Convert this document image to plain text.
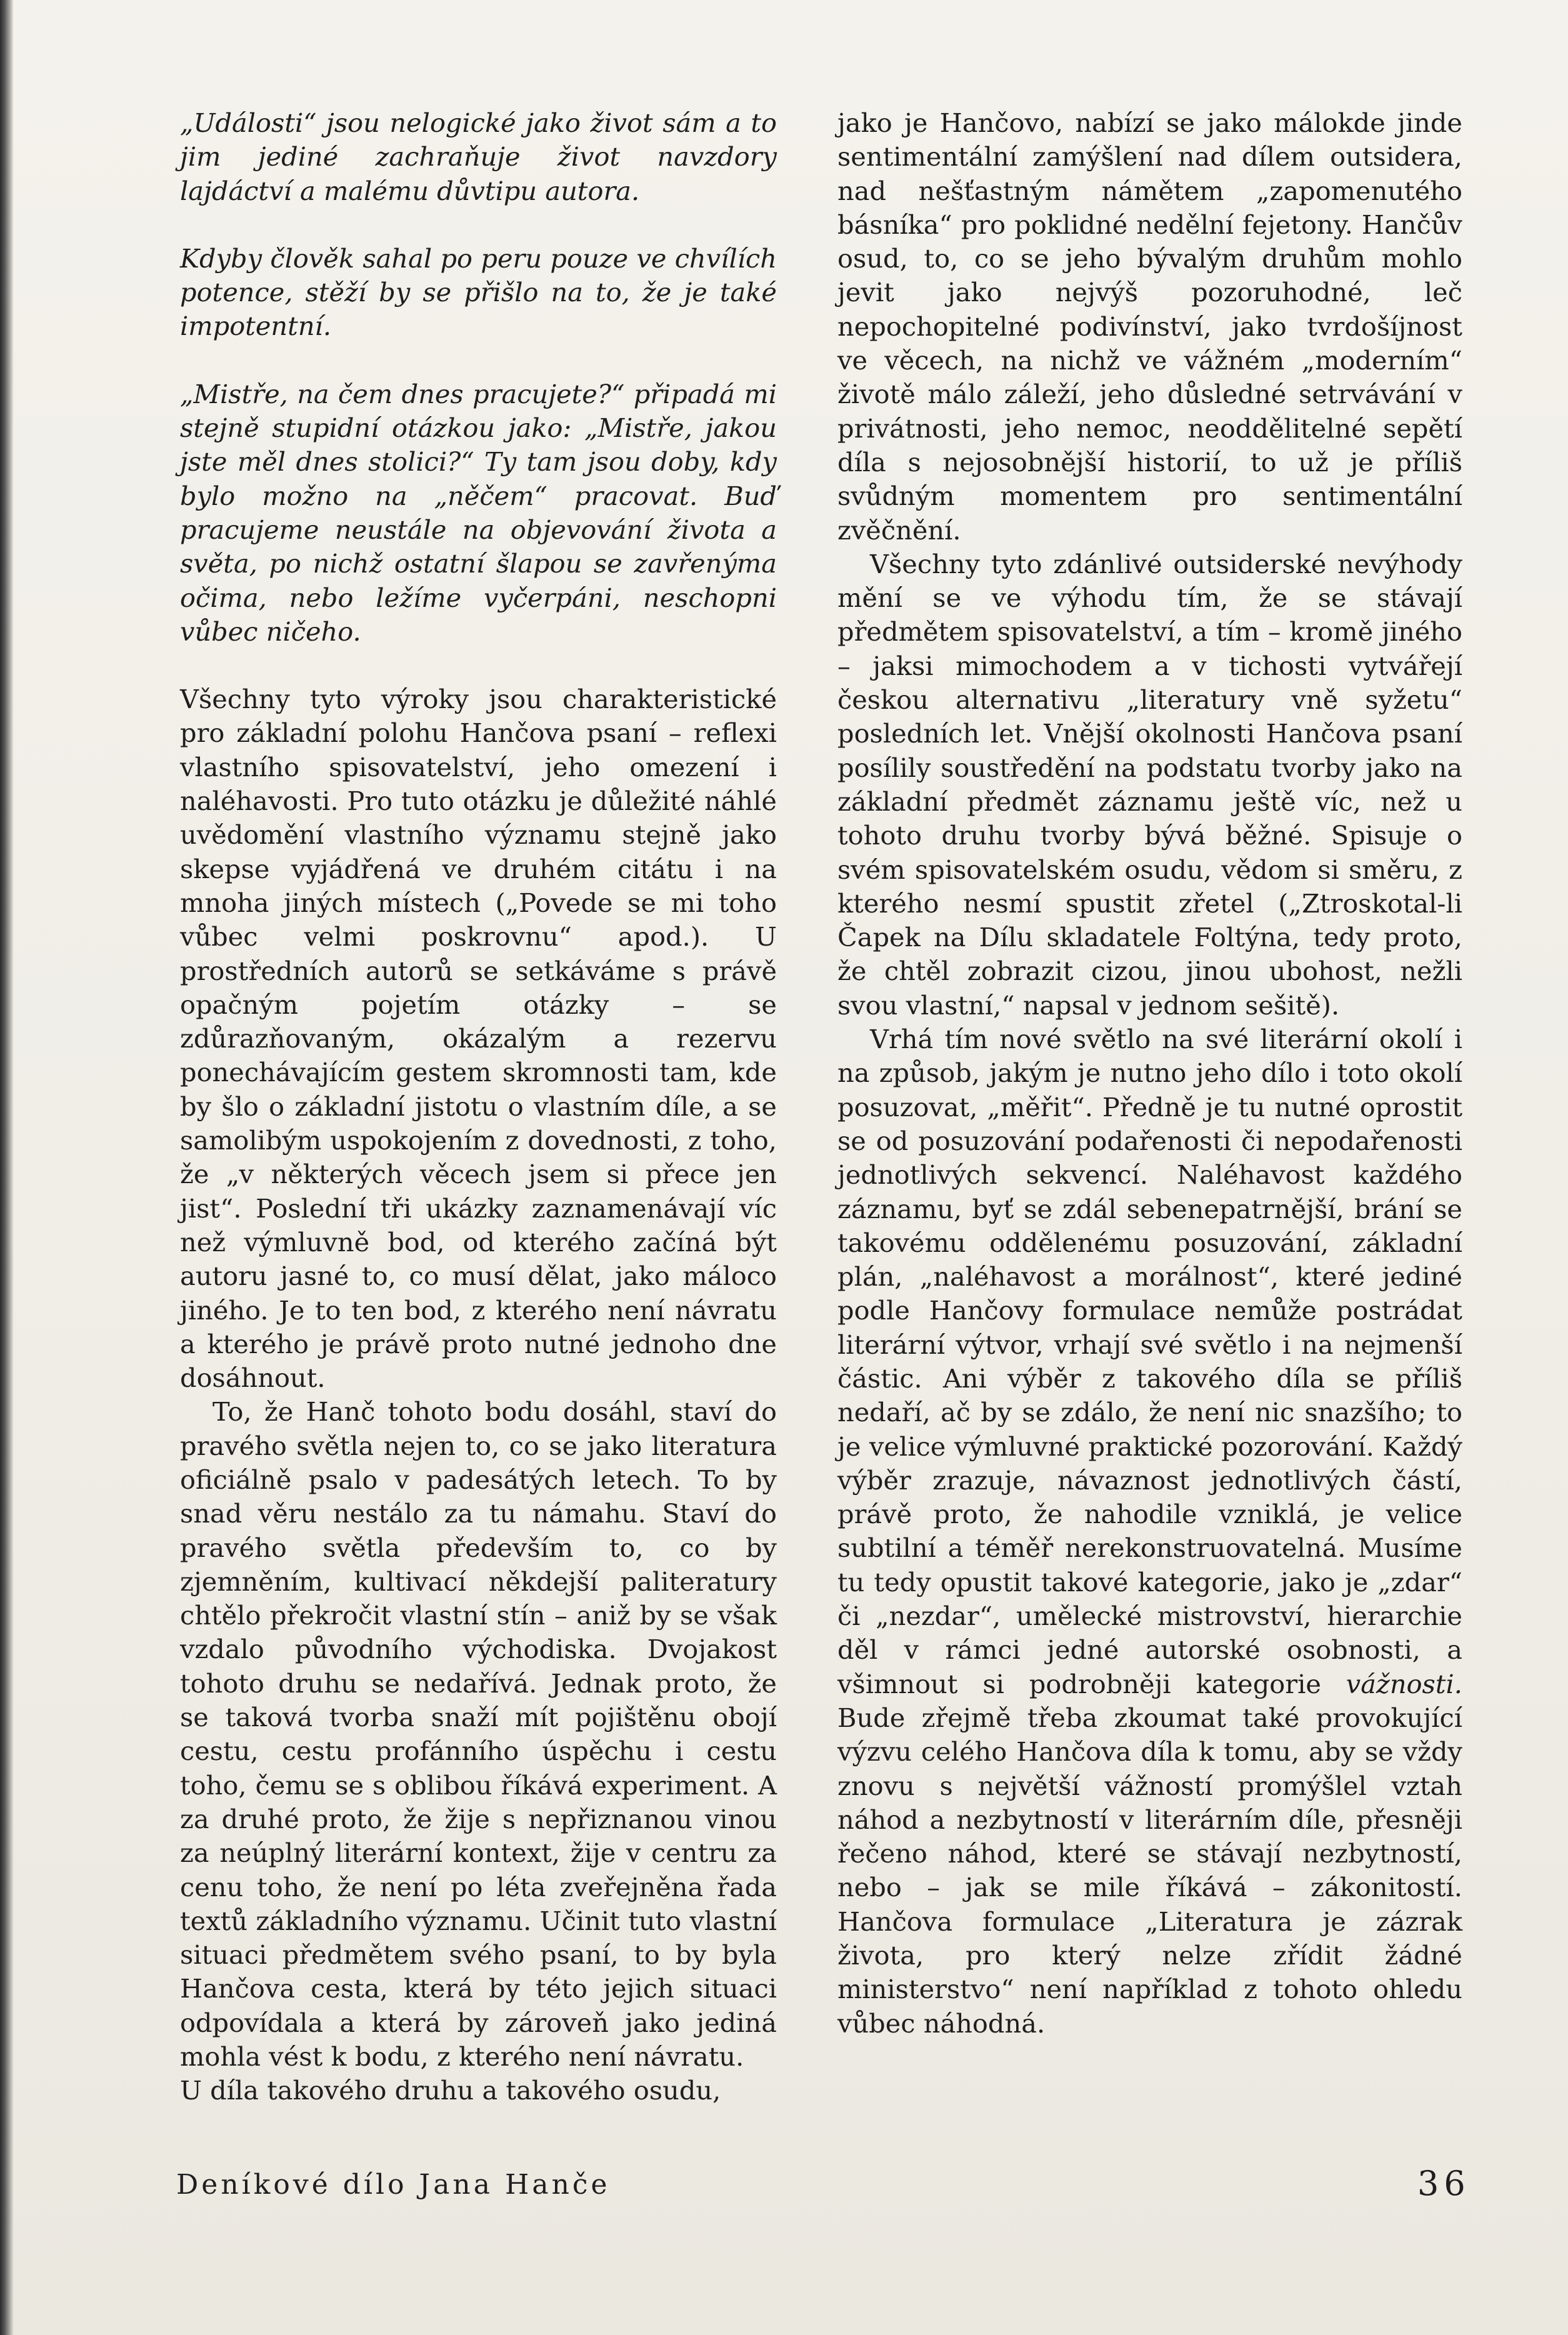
„Události“ jsou nelogické jako život sám a to jim jediné zachraňuje život navzdory lajdáctví a malému důvtipu autora.

Kdyby člověk sahal po peru pouze ve chvílích potence, stěží by se přišlo na to, že je také impotentní.

„Mistře, na čem dnes pracujete?“ připadá mi stejně stupidní otázkou jako: „Mistře, jakou jste měl dnes stolici?“ Ty tam jsou doby, kdy bylo možno na „něčem“ pracovat. Buď pracujeme neustále na objevování života a světa, po nichž ostatní šlapou se zavřenýma očima, nebo ležíme vyčerpáni, neschopni vůbec ničeho.

Všechny tyto výroky jsou charakteristické pro základní polohu Hančova psaní – reflexi vlastního spisovatelství, jeho omezení i naléhavosti. Pro tuto otázku je důležité náhlé uvědomění vlastního významu stejně jako skepse vyjádřená ve druhém citátu i na mnoha jiných místech („Povede se mi toho vůbec velmi poskrovnu“ apod.). U prostředních autorů se setkáváme s právě opačným pojetím otázky – se zdůrazňovaným, okázalým a rezervu ponechávajícím gestem skromnosti tam, kde by šlo o základní jistotu o vlastním díle, a se samolibým uspokojením z dovednosti, z toho, že „v některých věcech jsem si přece jen jist“. Poslední tři ukázky zaznamenávají víc než výmluvně bod, od kterého začíná být autoru jasné to, co musí dělat, jako máloco jiného. Je to ten bod, z kterého není návratu a kterého je právě proto nutné jednoho dne dosáhnout.

To, že Hanč tohoto bodu dosáhl, staví do pravého světla nejen to, co se jako literatura oficiálně psalo v padesátých letech. To by snad věru nestálo za tu námahu. Staví do pravého světla především to, co by zjemněním, kultivací někdejší paliteratury chtělo překročit vlastní stín – aniž by se však vzdalo původního východiska. Dvojakost tohoto druhu se nedařívá. Jednak proto, že se taková tvorba snaží mít pojištěnu obojí cestu, cestu profánního úspěchu i cestu toho, čemu se s oblibou říkává experiment. A za druhé proto, že žije s nepřiznanou vinou za neúplný literární kontext, žije v centru za cenu toho, že není po léta zveřejněna řada textů základního významu. Učinit tuto vlastní situaci předmětem svého psaní, to by byla Hančova cesta, která by této jejich situaci odpovídala a která by zároveň jako jediná mohla vést k bodu, z kterého není návratu.

U díla takového druhu a takového osudu,

jako je Hančovo, nabízí se jako málokde jinde sentimentální zamýšlení nad dílem outsidera, nad nešťastným námětem „zapomenutého básníka“ pro poklidné nedělní fejetony. Hančův osud, to, co se jeho bývalým druhům mohlo jevit jako nejvýš pozoruhodné, leč nepochopitelné podivínství, jako tvrdošíjnost ve věcech, na nichž ve vážném „moderním“ životě málo záleží, jeho důsledné setrvávání v privátnosti, jeho nemoc, neoddělitelné sepětí díla s nejosobnější historií, to už je příliš svůdným momentem pro sentimentální zvěčnění.

Všechny tyto zdánlivé outsiderské nevýhody mění se ve výhodu tím, že se stávají předmětem spisovatelství, a tím – kromě jiného – jaksi mimochodem a v tichosti vytvářejí českou alternativu „literatury vně syžetu“ posledních let. Vnější okolnosti Hančova psaní posílily soustředění na podstatu tvorby jako na základní předmět záznamu ještě víc, než u tohoto druhu tvorby bývá běžné. Spisuje o svém spisovatelském osudu, vědom si směru, z kterého nesmí spustit zřetel („Ztroskotal-li Čapek na Dílu skladatele Foltýna, tedy proto, že chtěl zobrazit cizou, jinou ubohost, nežli svou vlastní,“ napsal v jednom sešitě).

Vrhá tím nové světlo na své literární okolí i na způsob, jakým je nutno jeho dílo i toto okolí posuzovat, „měřit“. Předně je tu nutné oprostit se od posuzování podařenosti či nepodařenosti jednotlivých sekvencí. Naléhavost každého záznamu, byť se zdál sebenepatrnější, brání se takovému oddělenému posuzování, základní plán, „naléhavost a morálnost“, které jediné podle Hančovy formulace nemůže postrádat literární výtvor, vrhají své světlo i na nejmenší částic. Ani výběr z takového díla se příliš nedaří, ač by se zdálo, že není nic snazšího; to je velice výmluvné praktické pozorování. Každý výběr zrazuje, návaznost jednotlivých částí, právě proto, že nahodile vzniklá, je velice subtilní a téměř nerekonstruovatelná. Musíme tu tedy opustit takové kategorie, jako je „zdar“ či „nezdar“, umělecké mistrovství, hierarchie děl v rámci jedné autorské osobnosti, a všimnout si podrobněji kategorie vážnosti. Bude zřejmě třeba zkoumat také provokující výzvu celého Hančova díla k tomu, aby se vždy znovu s největší vážností promýšlel vztah náhod a nezbytností v literárním díle, přesněji řečeno náhod, které se stávají nezbytností, nebo – jak se mile říkává – zákonitostí. Hančova formulace „Literatura je zázrak života, pro který nelze zřídit žádné ministerstvo“ není například z tohoto ohledu vůbec náhodná.

Deníkové dílo Jana Hanče	36
